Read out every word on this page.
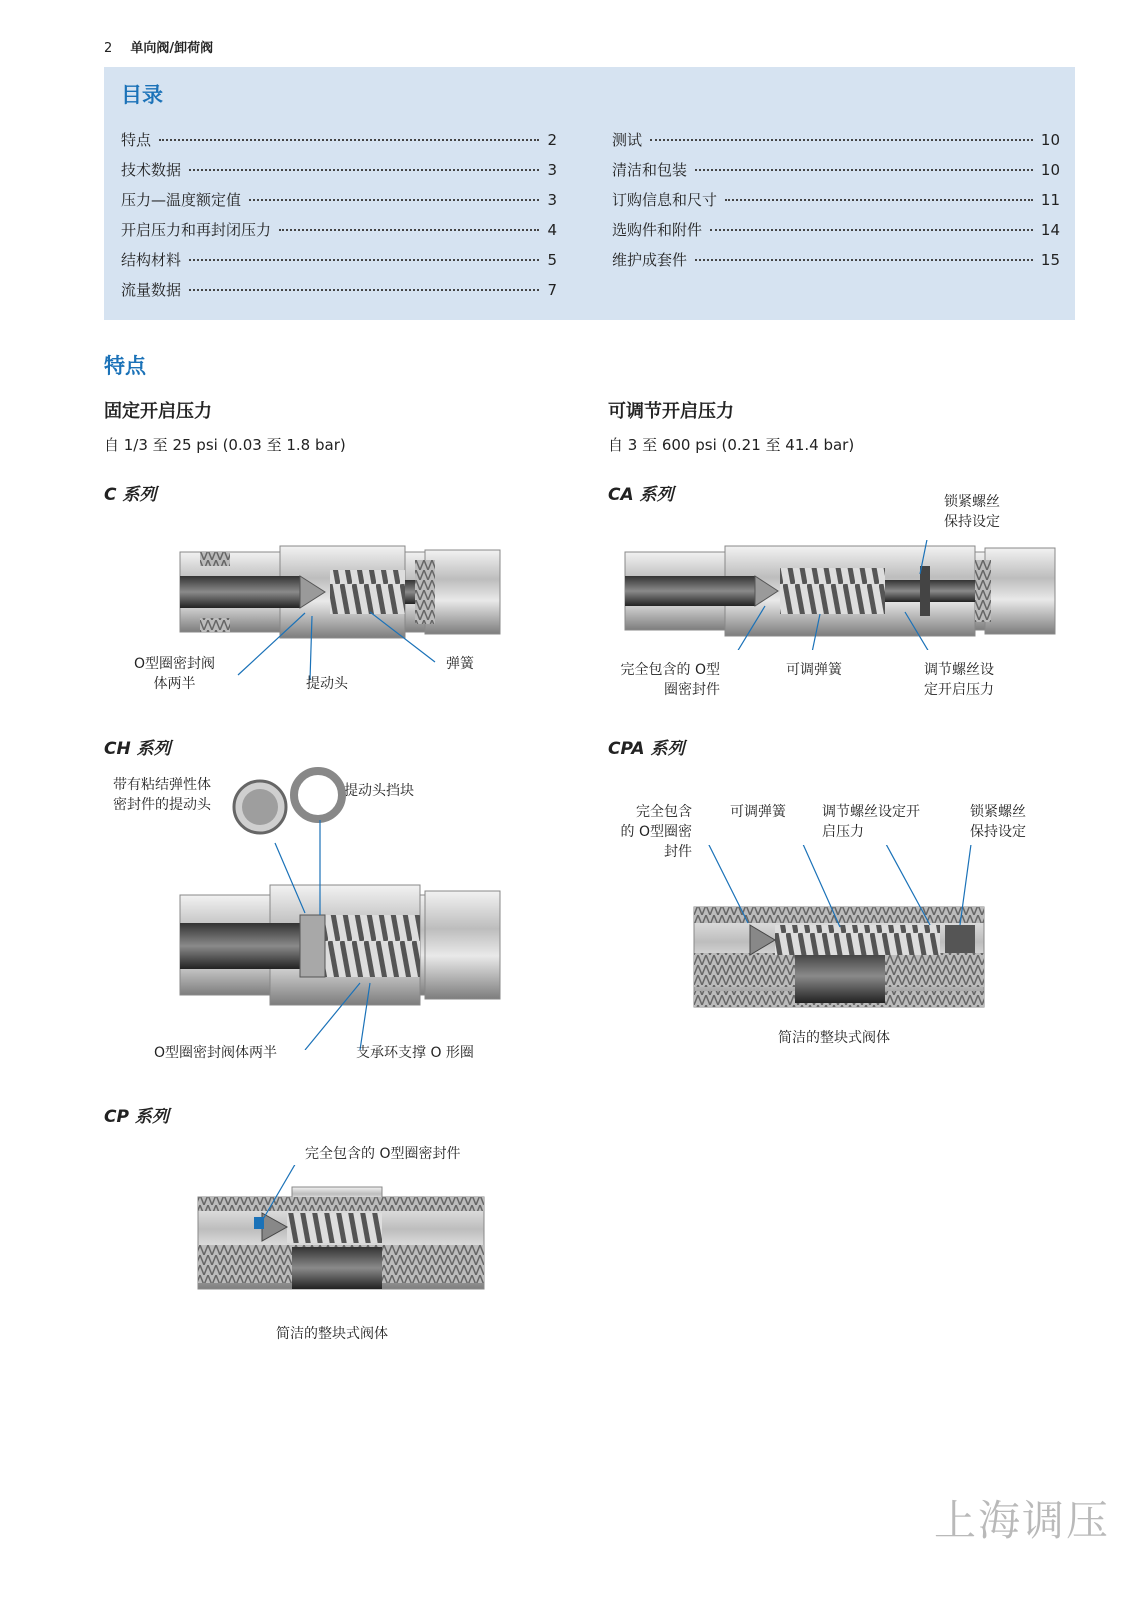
2 单向阀/卸荷阀
目录
特点	2
技术数据	3
压力—温度额定值	3
开启压力和再封闭压力	4
结构材料	5
流量数据	7
测试	10
清洁和包装	10
订购信息和尺寸	11
选购件和附件	14
维护成套件	15
特点
固定开启压力
自 1/3 至 25 psi (0.03 至 1.8 bar)
可调节开启压力
自 3 至 600 psi (0.21 至 41.4 bar)
C 系列
O型圈密封阀
体两半	提动头
弹簧
CA 系列	锁紧螺丝
保持设定
完全包含的 O型
圈密封件
可调弹簧	调节螺丝设
定开启压力
CH 系列
带有粘结弹性体
密封件的提动头
提动头挡块
O型圈密封阀体两半	支承环支撑 O 形圈
CPA 系列
完全包含
的 O型圈密
封件
可调弹簧	调节螺丝设定开
启压力
锁紧螺丝
保持设定
简洁的整块式阀体
CP 系列
完全包含的 O型圈密封件
简洁的整块式阀体
上海调压
